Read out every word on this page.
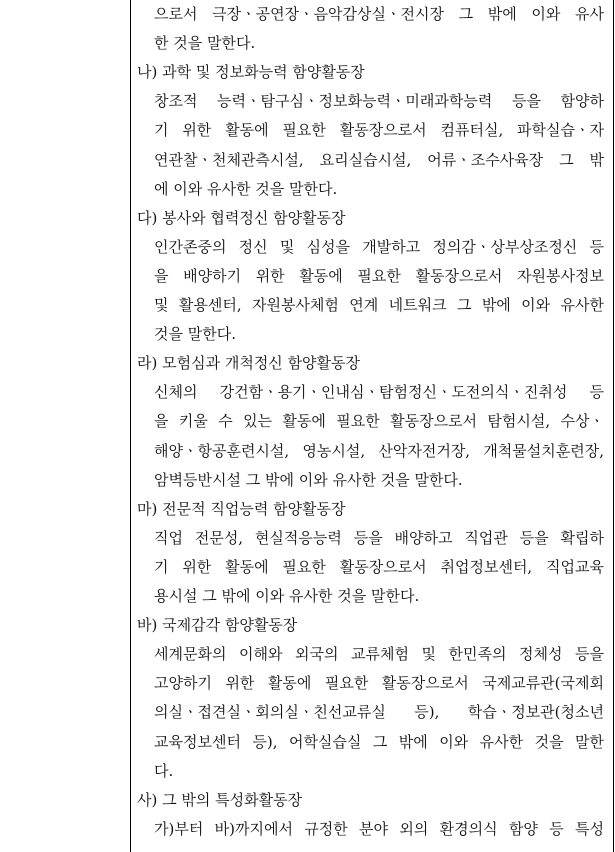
으로서 극장ㆍ공연장ㆍ음악감상실ㆍ전시장 그 밖에 이와 유사
한 것을 말한다.
나) 과학 및 정보화능력 함양활동장
창조적 능력ㆍ탐구심ㆍ정보화능력ㆍ미래과학능력 등을 함양하
기 위한 활동에 필요한 활동장으로서 컴퓨터실, 파학실습ㆍ자
연관찰ㆍ천체관측시설, 요리실습시설, 어류ㆍ조수사육장 그 밖
에 이와 유사한 것을 말한다.
다) 봉사와 협력정신 함양활동장
인간존중의 정신 및 심성을 개발하고 정의감ㆍ상부상조정신 등
을 배양하기 위한 활동에 필요한 활동장으로서 자원봉사정보
및 활용센터, 자원봉사체험 연계 네트워크 그 밖에 이와 유사한
것을 말한다.
라) 모험심과 개척정신 함양활동장
신체의 강건함ㆍ용기ㆍ인내심ㆍ탐험정신ㆍ도전의식ㆍ진취성 등
을 키울 수 있는 활동에 필요한 활동장으로서 탐험시설, 수상ㆍ
해양ㆍ항공훈련시설, 영농시설, 산악자전거장, 개척물설치훈련장,
암벽등반시설 그 밖에 이와 유사한 것을 말한다.
마) 전문적 직업능력 함양활동장
직업 전문성, 현실적응능력 등을 배양하고 직업관 등을 확립하
기 위한 활동에 필요한 활동장으로서 취업정보센터, 직업교육
용시설 그 밖에 이와 유사한 것을 말한다.
바) 국제감각 함양활동장
세계문화의 이해와 외국의 교류체험 및 한민족의 정체성 등을
고양하기 위한 활동에 필요한 활동장으로서 국제교류관(국제회
의실ㆍ접견실ㆍ회의실ㆍ친선교류실 등), 학습ㆍ정보관(청소년
교육정보센터 등), 어학실습실 그 밖에 이와 유사한 것을 말한
다.
사) 그 밖의 특성화활동장
가)부터 바)까지에서 규정한 분야 외의 환경의식 함양 등 특성
